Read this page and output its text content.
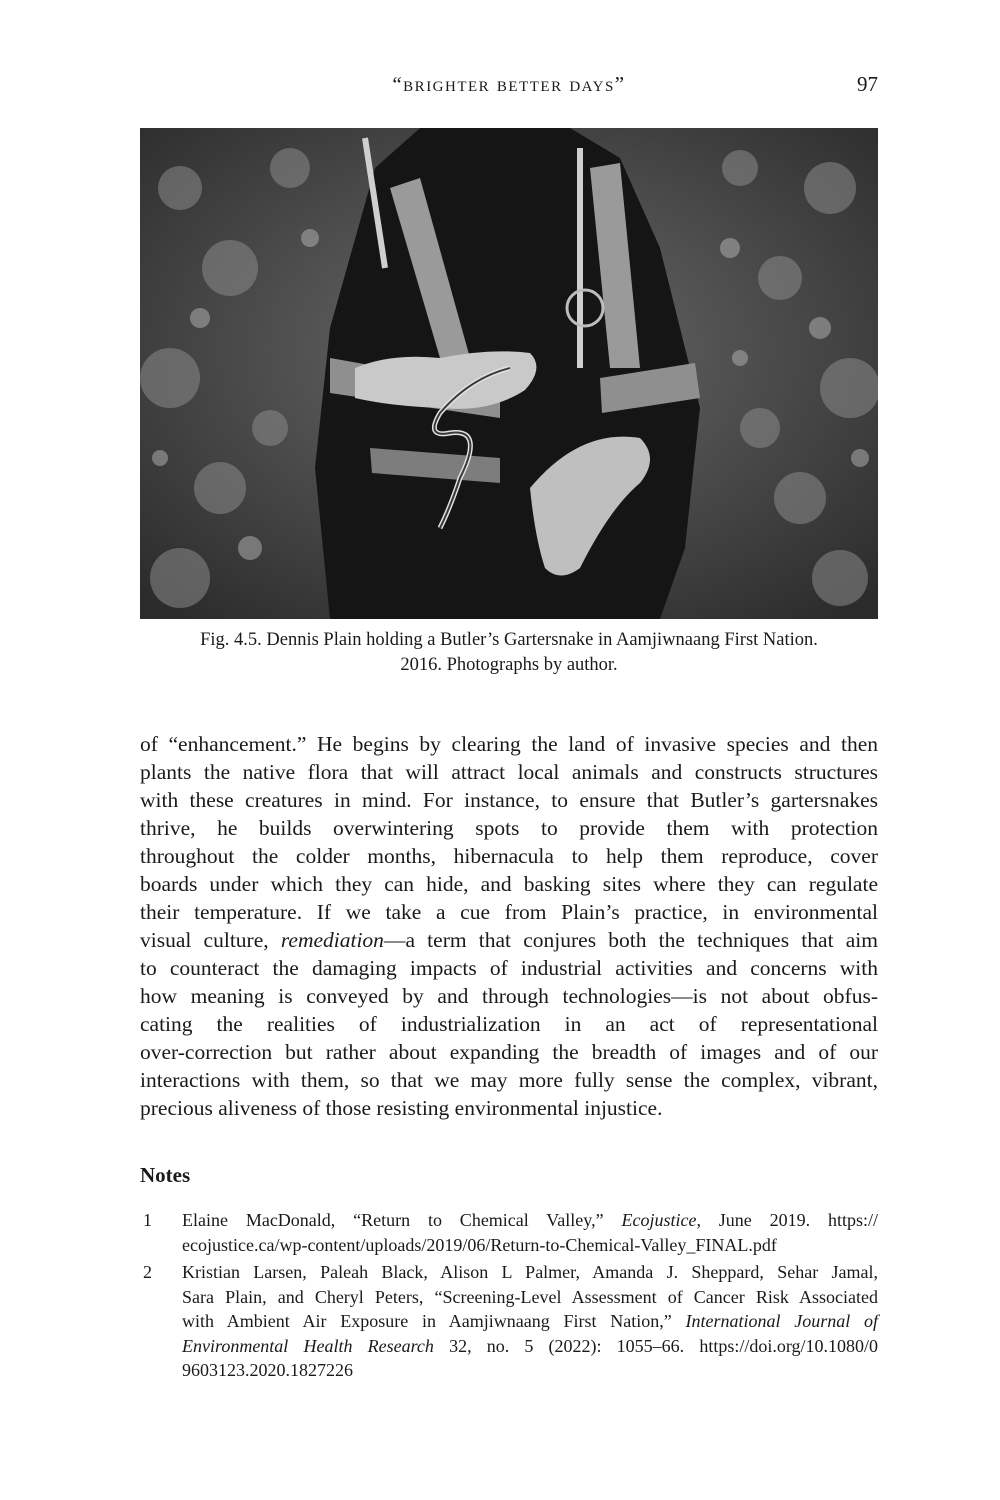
“brighter better days”	97
Fig. 4.5. Dennis Plain holding a Butler’s Gartersnake in Aamjiwnaang First Nation.
2016. Photographs by author.
of “enhancement.” He begins by clearing the land of invasive species and then
plants the native flora that will attract local animals and constructs structures
with these creatures in mind. For instance, to ensure that Butler’s gartersnakes
thrive, he builds overwintering spots to provide them with protection
throughout the colder months, hibernacula to help them reproduce, cover
boards under which they can hide, and basking sites where they can regulate
their temperature. If we take a cue from Plain’s practice, in environmental
visual culture, remediation—a term that conjures both the techniques that aim
to counteract the damaging impacts of industrial activities and concerns with
how meaning is conveyed by and through technologies—is not about obfus-
cating the realities of industrialization in an act of representational
over-correction but rather about expanding the breadth of images and of our
interactions with them, so that we may more fully sense the complex, vibrant,
precious aliveness of those resisting environmental injustice.
Notes
1 Elaine MacDonald, “Return to Chemical Valley,” Ecojustice, June 2019. https://
ecojustice.ca/wp-content/uploads/2019/06/Return-to-Chemical-Valley_FINAL.pdf
2 Kristian Larsen, Paleah Black, Alison L Palmer, Amanda J. Sheppard, Sehar Jamal,
Sara Plain, and Cheryl Peters, “Screening-Level Assessment of Cancer Risk Associated
with Ambient Air Exposure in Aamjiwnaang First Nation,” International Journal of
Environmental Health Research 32, no. 5 (2022): 1055–66. https://doi.org/10.1080/0
9603123.2020.1827226
